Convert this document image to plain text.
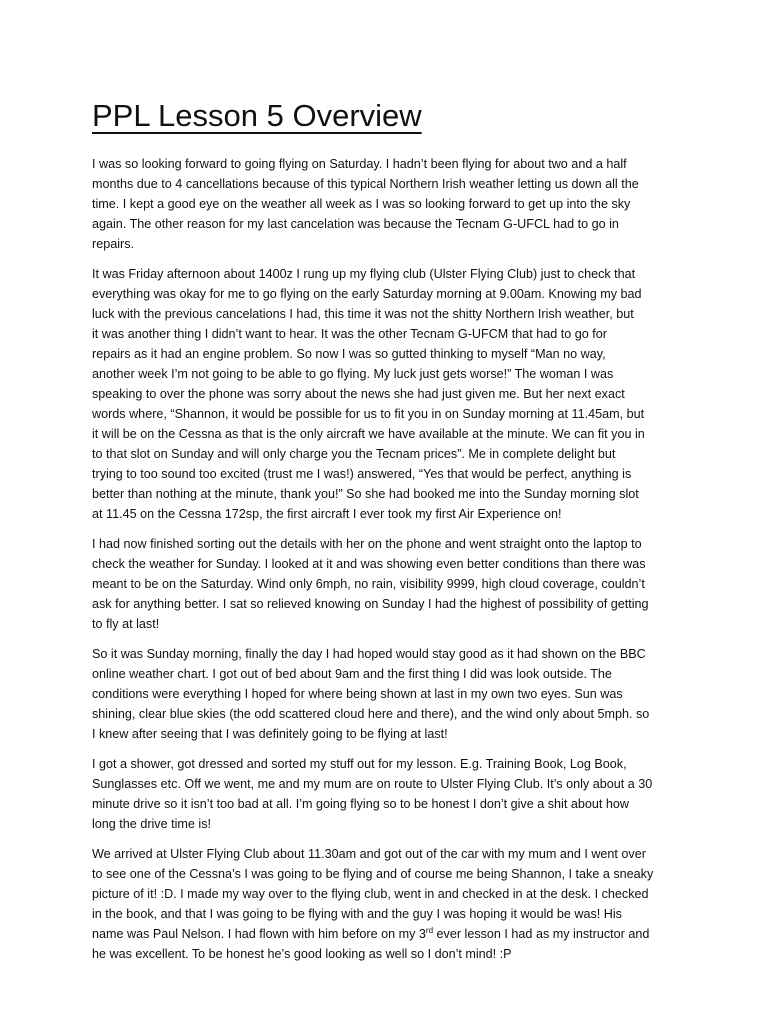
PPL Lesson 5 Overview

I was so looking forward to going flying on Saturday. I hadn’t been flying for about two and a half
months due to 4 cancellations because of this typical Northern Irish weather letting us down all the
time. I kept a good eye on the weather all week as I was so looking forward to get up into the sky
again. The other reason for my last cancelation was because the Tecnam G-UFCL had to go in
repairs.

It was Friday afternoon about 1400z I rung up my flying club (Ulster Flying Club) just to check that
everything was okay for me to go flying on the early Saturday morning at 9.00am. Knowing my bad
luck with the previous cancelations I had, this time it was not the shitty Northern Irish weather, but
it was another thing I didn’t want to hear. It was the other Tecnam G-UFCM that had to go for
repairs as it had an engine problem. So now I was so gutted thinking to myself “Man no way,
another week I’m not going to be able to go flying. My luck just gets worse!” The woman I was
speaking to over the phone was sorry about the news she had just given me. But her next exact
words where, “Shannon, it would be possible for us to fit you in on Sunday morning at 11.45am, but
it will be on the Cessna as that is the only aircraft we have available at the minute. We can fit you in
to that slot on Sunday and will only charge you the Tecnam prices”. Me in complete delight but
trying to too sound too excited (trust me I was!) answered, “Yes that would be perfect, anything is
better than nothing at the minute, thank you!” So she had booked me into the Sunday morning slot
at 11.45 on the Cessna 172sp, the first aircraft I ever took my first Air Experience on!

I had now finished sorting out the details with her on the phone and went straight onto the laptop to
check the weather for Sunday. I looked at it and was showing even better conditions than there was
meant to be on the Saturday. Wind only 6mph, no rain, visibility 9999, high cloud coverage, couldn’t
ask for anything better. I sat so relieved knowing on Sunday I had the highest of possibility of getting
to fly at last!

So it was Sunday morning, finally the day I had hoped would stay good as it had shown on the BBC
online weather chart. I got out of bed about 9am and the first thing I did was look outside. The
conditions were everything I hoped for where being shown at last in my own two eyes. Sun was
shining, clear blue skies (the odd scattered cloud here and there), and the wind only about 5mph. so
I knew after seeing that I was definitely going to be flying at last!

I got a shower, got dressed and sorted my stuff out for my lesson. E.g. Training Book, Log Book,
Sunglasses etc. Off we went, me and my mum are on route to Ulster Flying Club. It’s only about a 30
minute drive so it isn’t too bad at all. I’m going flying so to be honest I don’t give a shit about how
long the drive time is!

We arrived at Ulster Flying Club about 11.30am and got out of the car with my mum and I went over
to see one of the Cessna’s I was going to be flying and of course me being Shannon, I take a sneaky
picture of it! :D. I made my way over to the flying club, went in and checked in at the desk. I checked
in the book, and that I was going to be flying with and the guy I was hoping it would be was! His
name was Paul Nelson. I had flown with him before on my 3rd ever lesson I had as my instructor and
he was excellent. To be honest he’s good looking as well so I don’t mind! :P
